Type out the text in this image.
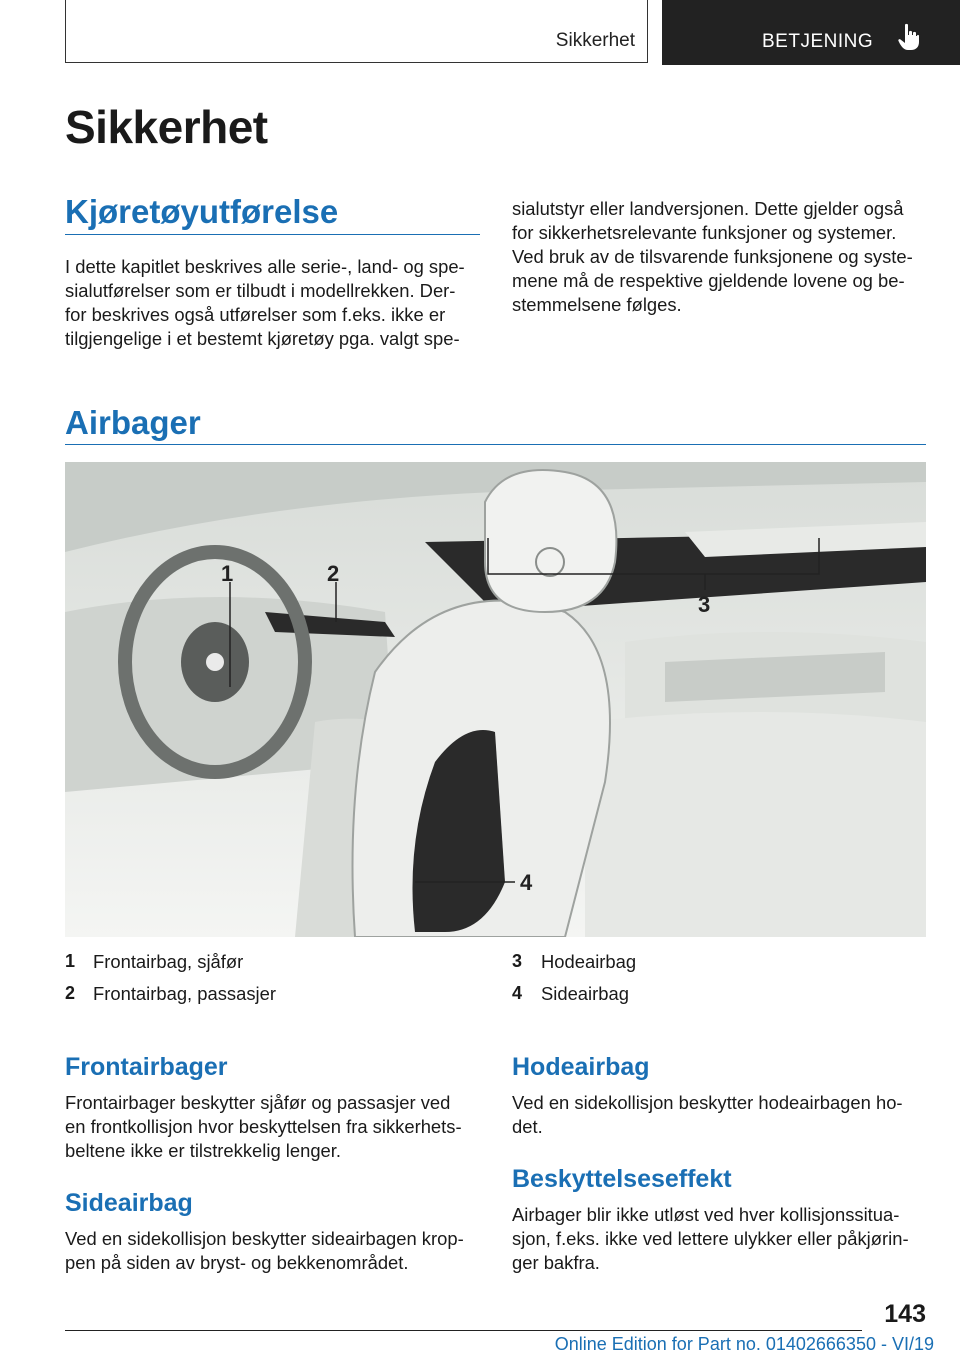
Sikkerhet	BETJENING
Sikkerhet
Kjøretøyutførelse

I dette kapitlet beskrives alle serie-, land- og spe-
sialutførelser som er tilbudt i modellrekken. Der-
for beskrives også utførelser som f.eks. ikke er
tilgjengelige i et bestemt kjøretøy pga. valgt spe-

sialutstyr eller landversjonen. Dette gjelder også
for sikkerhetsrelevante funksjoner og systemer.
Ved bruk av de tilsvarende funksjonene og syste-
mene må de respektive gjeldende lovene og be-
stemmelsene følges.

Airbager
1	2
3
4
1 Frontairbag, sjåfør
2 Frontairbag, passasjer
3 Hodeairbag
4 Sideairbag
Frontairbager

Frontairbager beskytter sjåfør og passasjer ved
en frontkollisjon hvor beskyttelsen fra sikkerhets-
beltene ikke er tilstrekkelig lenger.

Sideairbag

Ved en sidekollisjon beskytter sideairbagen krop-
pen på siden av bryst- og bekkenområdet.

Hodeairbag

Ved en sidekollisjon beskytter hodeairbagen ho-
det.

Beskyttelseseffekt

Airbager blir ikke utløst ved hver kollisjonssitua-
sjon, f.eks. ikke ved lettere ulykker eller påkjørin-
ger bakfra.

143
Online Edition for Part no. 01402666350 - VI/19
